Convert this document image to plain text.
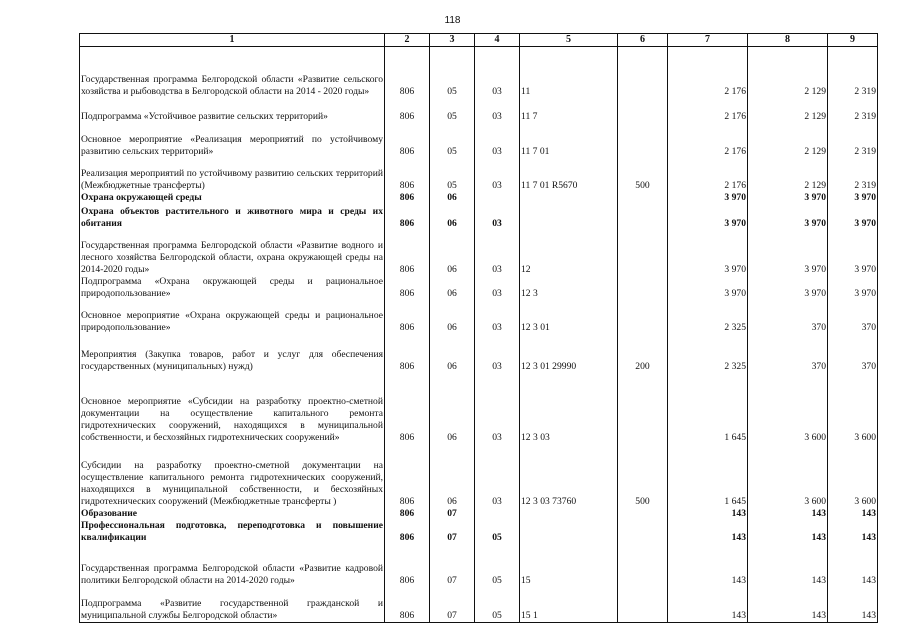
118
1	2	3	4	5	6	7	8	9
Государственная программа Белгородской области «Развитие сельского хозяйства и рыбоводства в Белгородской области на 2014 - 2020 годы»	806	05	03	11		2 176	2 129	2 319
Подпрограмма «Устойчивое развитие сельских территорий»	806	05	03	11 7		2 176	2 129	2 319
Основное мероприятие «Реализация мероприятий по устойчивому развитию сельских территорий»	806	05	03	11 7 01		2 176	2 129	2 319
Реализация мероприятий по устойчивому развитию сельских территорий (Межбюджетные трансферты)	806	05	03	11 7 01 R5670	500	2 176	2 129	2 319
Охрана окружающей среды	806	06				3 970	3 970	3 970
Охрана объектов растительного и животного мира и среды их обитания	806	06	03			3 970	3 970	3 970
Государственная программа Белгородской области «Развитие водного и лесного хозяйства Белгородской области, охрана окружающей среды на 2014-2020 годы»	806	06	03	12		3 970	3 970	3 970
Подпрограмма «Охрана окружающей среды и рациональное природопользование»	806	06	03	12 3		3 970	3 970	3 970
Основное мероприятие «Охрана окружающей среды и рациональное природопользование»	806	06	03	12 3 01		2 325	370	370
Мероприятия (Закупка товаров, работ и услуг для обеспечения государственных (муниципальных) нужд)	806	06	03	12 3 01 29990	200	2 325	370	370
Основное мероприятие «Субсидии на разработку проектно-сметной документации на осуществление капитального ремонта гидротехнических сооружений, находящихся в муниципальной собственности, и бесхозяйных гидротехнических сооружений»	806	06	03	12 3 03		1 645	3 600	3 600
Субсидии на разработку проектно-сметной документации на осуществление капитального ремонта гидротехнических сооружений, находящихся в муниципальной собственности, и бесхозяйных гидротехнических сооружений (Межбюджетные трансферты )	806	06	03	12 3 03 73760	500	1 645	3 600	3 600
Образование	806	07				143	143	143
Профессиональная подготовка, переподготовка и повышение квалификации	806	07	05			143	143	143
Государственная программа Белгородской области «Развитие кадровой политики Белгородской области на 2014-2020 годы»	806	07	05	15		143	143	143
Подпрограмма «Развитие государственной гражданской и муниципальной службы Белгородской области»	806	07	05	15 1		143	143	143
